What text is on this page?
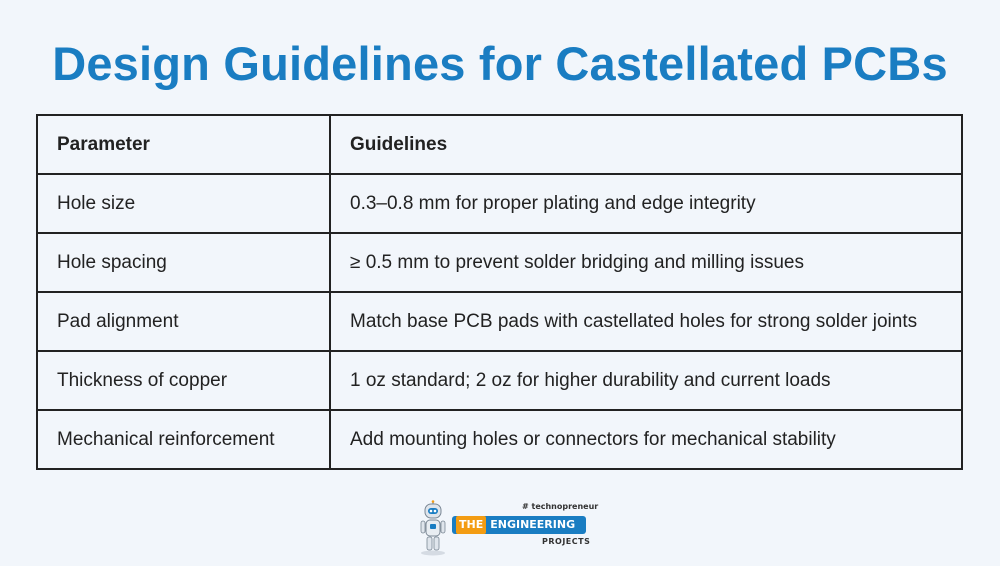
Design Guidelines for Castellated PCBs
Parameter	Guidelines
Hole size	0.3–0.8 mm for proper plating and edge integrity
Hole spacing	≥ 0.5 mm to prevent solder bridging and milling issues
Pad alignment	Match base PCB pads with castellated holes for strong solder joints
Thickness of copper	1 oz standard; 2 oz for higher durability and current loads
Mechanical reinforcement	Add mounting holes or connectors for mechanical stability
# technopreneur
THE ENGINEERING
PROJECTS
